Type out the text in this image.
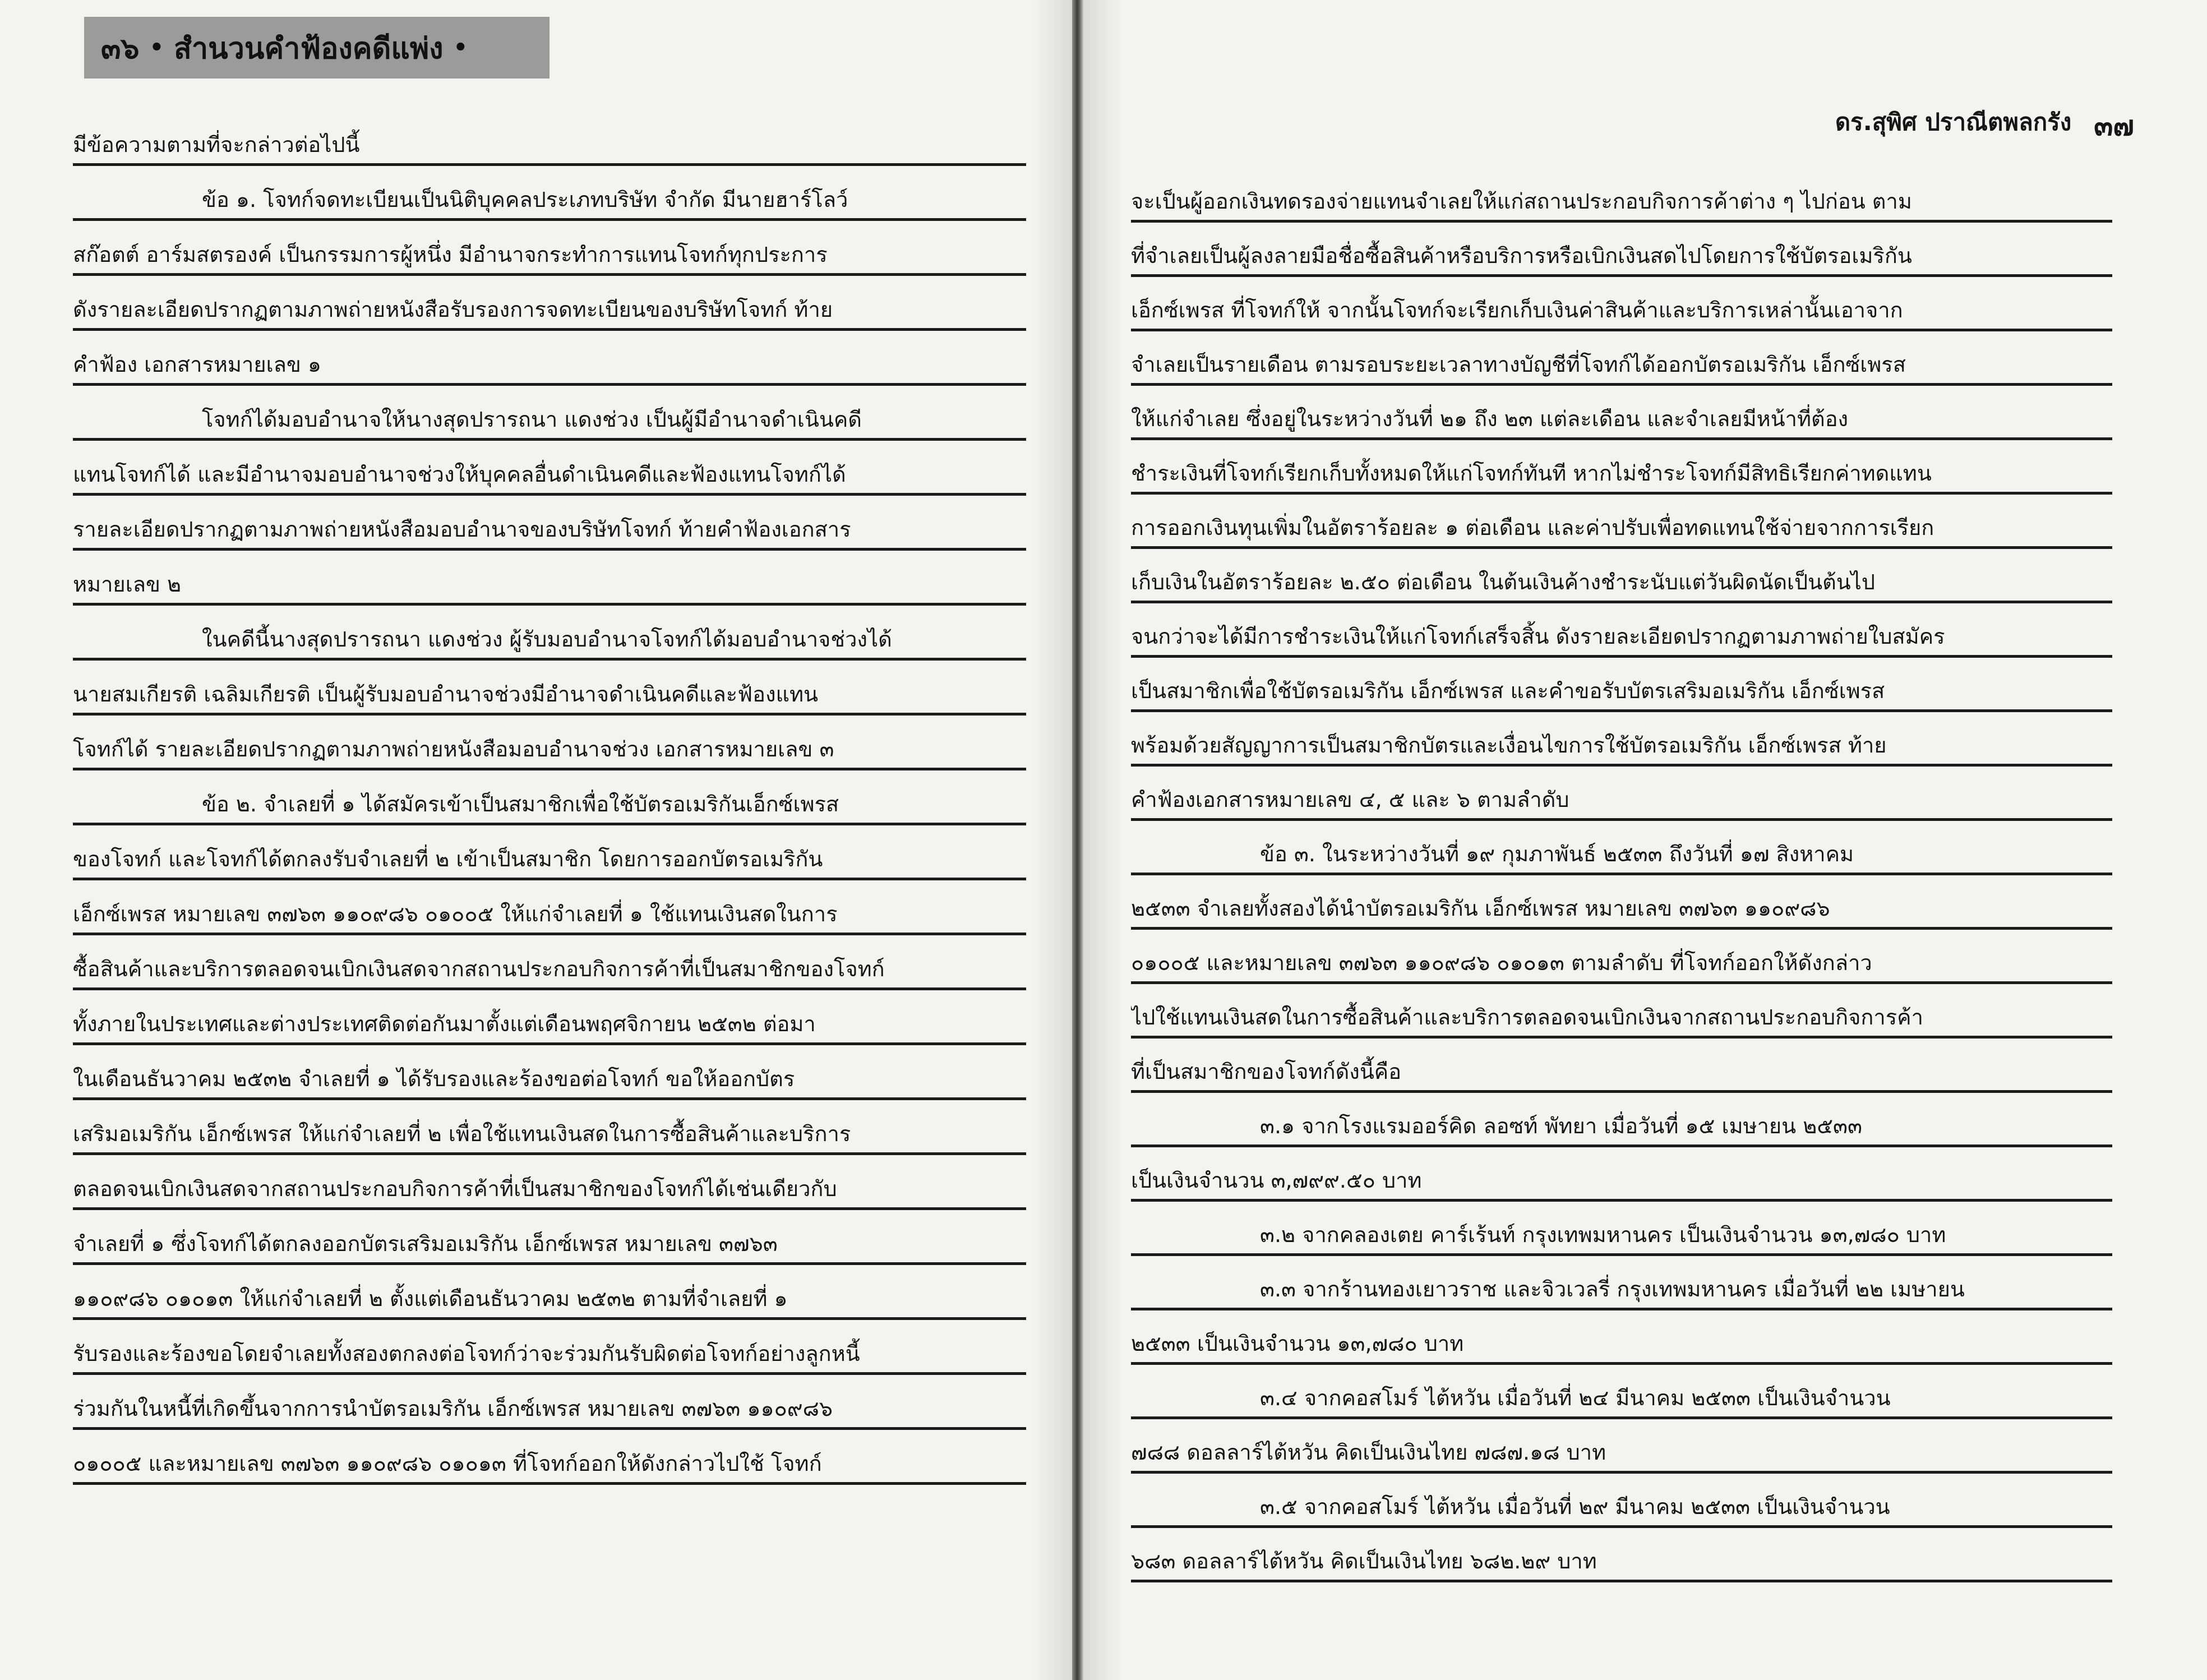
๓๖ • สำนวนคำฟ้องคดีแพ่ง •
มีข้อความตามที่จะกล่าวต่อไปนี้
ข้อ ๑. โจทก์จดทะเบียนเป็นนิติบุคคลประเภทบริษัท จำกัด มีนายฮาร์โลว์
สก๊อตต์ อาร์มสตรองค์ เป็นกรรมการผู้หนึ่ง มีอำนาจกระทำการแทนโจทก์ทุกประการ
ดังรายละเอียดปรากฏตามภาพถ่ายหนังสือรับรองการจดทะเบียนของบริษัทโจทก์ ท้าย
คำฟ้อง เอกสารหมายเลข ๑
โจทก์ได้มอบอำนาจให้นางสุดปรารถนา แดงช่วง เป็นผู้มีอำนาจดำเนินคดี
แทนโจทก์ได้ และมีอำนาจมอบอำนาจช่วงให้บุคคลอื่นดำเนินคดีและฟ้องแทนโจทก์ได้
รายละเอียดปรากฏตามภาพถ่ายหนังสือมอบอำนาจของบริษัทโจทก์ ท้ายคำฟ้องเอกสาร
หมายเลข ๒
ในคดีนี้นางสุดปรารถนา แดงช่วง ผู้รับมอบอำนาจโจทก์ได้มอบอำนาจช่วงได้
นายสมเกียรติ เฉลิมเกียรติ เป็นผู้รับมอบอำนาจช่วงมีอำนาจดำเนินคดีและฟ้องแทน
โจทก์ได้ รายละเอียดปรากฏตามภาพถ่ายหนังสือมอบอำนาจช่วง เอกสารหมายเลข ๓
ข้อ ๒. จำเลยที่ ๑ ได้สมัครเข้าเป็นสมาชิกเพื่อใช้บัตรอเมริกันเอ็กซ์เพรส
ของโจทก์ และโจทก์ได้ตกลงรับจำเลยที่ ๒ เข้าเป็นสมาชิก โดยการออกบัตรอเมริกัน
เอ็กซ์เพรส หมายเลข ๓๗๖๓ ๑๑๐๙๘๖ ๐๑๐๐๕ ให้แก่จำเลยที่ ๑ ใช้แทนเงินสดในการ
ซื้อสินค้าและบริการตลอดจนเบิกเงินสดจากสถานประกอบกิจการค้าที่เป็นสมาชิกของโจทก์
ทั้งภายในประเทศและต่างประเทศติดต่อกันมาตั้งแต่เดือนพฤศจิกายน ๒๕๓๒ ต่อมา
ในเดือนธันวาคม ๒๕๓๒ จำเลยที่ ๑ ได้รับรองและร้องขอต่อโจทก์ ขอให้ออกบัตร
เสริมอเมริกัน เอ็กซ์เพรส ให้แก่จำเลยที่ ๒ เพื่อใช้แทนเงินสดในการซื้อสินค้าและบริการ
ตลอดจนเบิกเงินสดจากสถานประกอบกิจการค้าที่เป็นสมาชิกของโจทก์ได้เช่นเดียวกับ
จำเลยที่ ๑ ซึ่งโจทก์ได้ตกลงออกบัตรเสริมอเมริกัน เอ็กซ์เพรส หมายเลข ๓๗๖๓
๑๑๐๙๘๖ ๐๑๐๑๓ ให้แก่จำเลยที่ ๒ ตั้งแต่เดือนธันวาคม ๒๕๓๒ ตามที่จำเลยที่ ๑
รับรองและร้องขอโดยจำเลยทั้งสองตกลงต่อโจทก์ว่าจะร่วมกันรับผิดต่อโจทก์อย่างลูกหนี้
ร่วมกันในหนี้ที่เกิดขึ้นจากการนำบัตรอเมริกัน เอ็กซ์เพรส หมายเลข ๓๗๖๓ ๑๑๐๙๘๖
๐๑๐๐๕ และหมายเลข ๓๗๖๓ ๑๑๐๙๘๖ ๐๑๐๑๓ ที่โจทก์ออกให้ดังกล่าวไปใช้ โจทก์
ดร.สุพิศ ปราณีตพลกรัง ๓๗
จะเป็นผู้ออกเงินทดรองจ่ายแทนจำเลยให้แก่สถานประกอบกิจการค้าต่าง ๆ ไปก่อน ตาม
ที่จำเลยเป็นผู้ลงลายมือชื่อซื้อสินค้าหรือบริการหรือเบิกเงินสดไปโดยการใช้บัตรอเมริกัน
เอ็กซ์เพรส ที่โจทก์ให้ จากนั้นโจทก์จะเรียกเก็บเงินค่าสินค้าและบริการเหล่านั้นเอาจาก
จำเลยเป็นรายเดือน ตามรอบระยะเวลาทางบัญชีที่โจทก์ได้ออกบัตรอเมริกัน เอ็กซ์เพรส
ให้แก่จำเลย ซึ่งอยู่ในระหว่างวันที่ ๒๑ ถึง ๒๓ แต่ละเดือน และจำเลยมีหน้าที่ต้อง
ชำระเงินที่โจทก์เรียกเก็บทั้งหมดให้แก่โจทก์ทันที หากไม่ชำระโจทก์มีสิทธิเรียกค่าทดแทน
การออกเงินทุนเพิ่มในอัตราร้อยละ ๑ ต่อเดือน และค่าปรับเพื่อทดแทนใช้จ่ายจากการเรียก
เก็บเงินในอัตราร้อยละ ๒.๕๐ ต่อเดือน ในต้นเงินค้างชำระนับแต่วันผิดนัดเป็นต้นไป
จนกว่าจะได้มีการชำระเงินให้แก่โจทก์เสร็จสิ้น ดังรายละเอียดปรากฏตามภาพถ่ายใบสมัคร
เป็นสมาชิกเพื่อใช้บัตรอเมริกัน เอ็กซ์เพรส และคำขอรับบัตรเสริมอเมริกัน เอ็กซ์เพรส
พร้อมด้วยสัญญาการเป็นสมาชิกบัตรและเงื่อนไขการใช้บัตรอเมริกัน เอ็กซ์เพรส ท้าย
คำฟ้องเอกสารหมายเลข ๔, ๕ และ ๖ ตามลำดับ
ข้อ ๓. ในระหว่างวันที่ ๑๙ กุมภาพันธ์ ๒๕๓๓ ถึงวันที่ ๑๗ สิงหาคม
๒๕๓๓ จำเลยทั้งสองได้นำบัตรอเมริกัน เอ็กซ์เพรส หมายเลข ๓๗๖๓ ๑๑๐๙๘๖
๐๑๐๐๕ และหมายเลข ๓๗๖๓ ๑๑๐๙๘๖ ๐๑๐๑๓ ตามลำดับ ที่โจทก์ออกให้ดังกล่าว
ไปใช้แทนเงินสดในการซื้อสินค้าและบริการตลอดจนเบิกเงินจากสถานประกอบกิจการค้า
ที่เป็นสมาชิกของโจทก์ดังนี้คือ
๓.๑ จากโรงแรมออร์คิด ลอซท์ พัทยา เมื่อวันที่ ๑๕ เมษายน ๒๕๓๓
เป็นเงินจำนวน ๓,๗๙๙.๕๐ บาท
๓.๒ จากคลองเตย คาร์เร้นท์ กรุงเทพมหานคร เป็นเงินจำนวน ๑๓,๗๘๐ บาท
๓.๓ จากร้านทองเยาวราช และจิวเวลรี่ กรุงเทพมหานคร เมื่อวันที่ ๒๒ เมษายน
๒๕๓๓ เป็นเงินจำนวน ๑๓,๗๘๐ บาท
๓.๔ จากคอสโมร์ ไต้หวัน เมื่อวันที่ ๒๔ มีนาคม ๒๕๓๓ เป็นเงินจำนวน
๗๘๘ ดอลลาร์ไต้หวัน คิดเป็นเงินไทย ๗๘๗.๑๘ บาท
๓.๕ จากคอสโมร์ ไต้หวัน เมื่อวันที่ ๒๙ มีนาคม ๒๕๓๓ เป็นเงินจำนวน
๖๘๓ ดอลลาร์ไต้หวัน คิดเป็นเงินไทย ๖๘๒.๒๙ บาท
